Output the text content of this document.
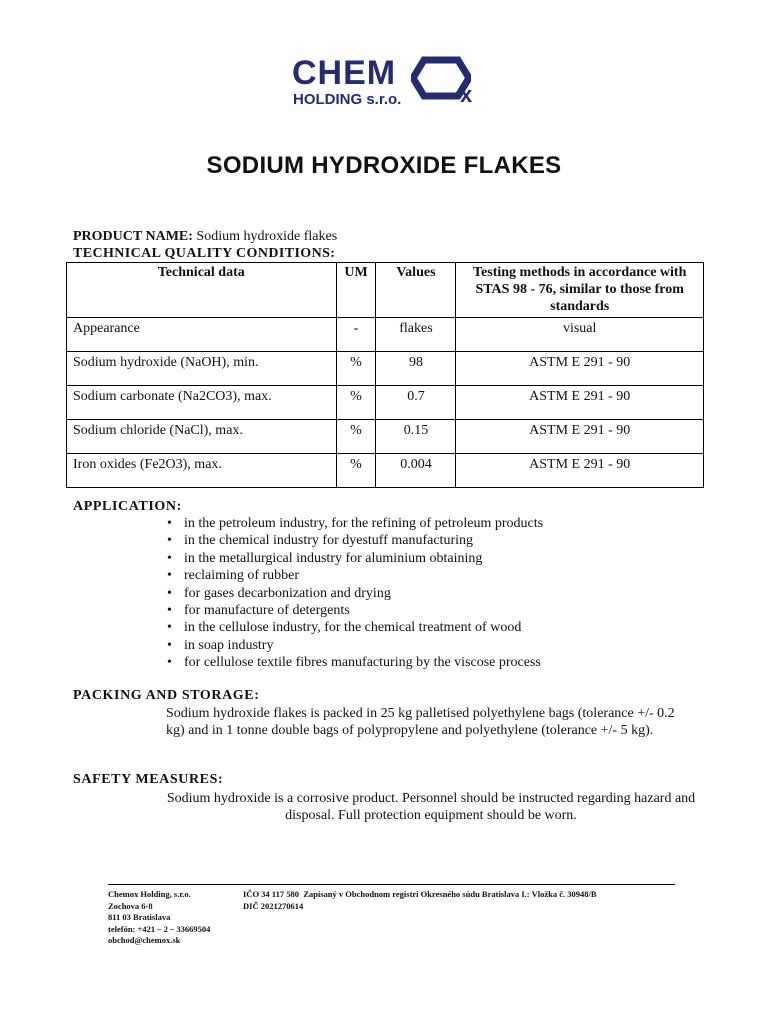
CHEM
x
HOLDING s.r.o.
SODIUM HYDROXIDE FLAKES
PRODUCT NAME: Sodium hydroxide flakes
TECHNICAL QUALITY CONDITIONS:
Technical data	UM	Values	Testing methods in accordance with STAS 98 - 76, similar to those from standards
Appearance	-	flakes	visual
Sodium hydroxide (NaOH), min.	%	98	ASTM E 291 - 90
Sodium carbonate (Na2CO3), max.	%	0.7	ASTM E 291 - 90
Sodium chloride (NaCl), max.	%	0.15	ASTM E 291 - 90
Iron oxides (Fe2O3), max.	%	0.004	ASTM E 291 - 90
APPLICATION:
• in the petroleum industry, for the refining of petroleum products
• in the chemical industry for dyestuff manufacturing
• in the metallurgical industry for aluminium obtaining
• reclaiming of rubber
• for gases decarbonization and drying
• for manufacture of detergents
• in the cellulose industry, for the chemical treatment of wood
• in soap industry
• for cellulose textile fibres manufacturing by the viscose process
PACKING AND STORAGE:
Sodium hydroxide flakes is packed in 25 kg palletised polyethylene bags (tolerance +/- 0.2 kg) and in 1 tonne double bags of polypropylene and polyethylene (tolerance +/- 5 kg).
SAFETY MEASURES:
Sodium hydroxide is a corrosive product. Personnel should be instructed regarding hazard and disposal. Full protection equipment should be worn.
Chemox Holding, s.r.o.
Zochova 6-8
811 03 Bratislava
telefón: +421 – 2 – 33669504
obchod@chemox.sk
IČO 34 117 580 Zapísaný v Obchodnom registri Okresného súdu Bratislava I.: Vložka č. 30948/B
DIČ 2021270614
